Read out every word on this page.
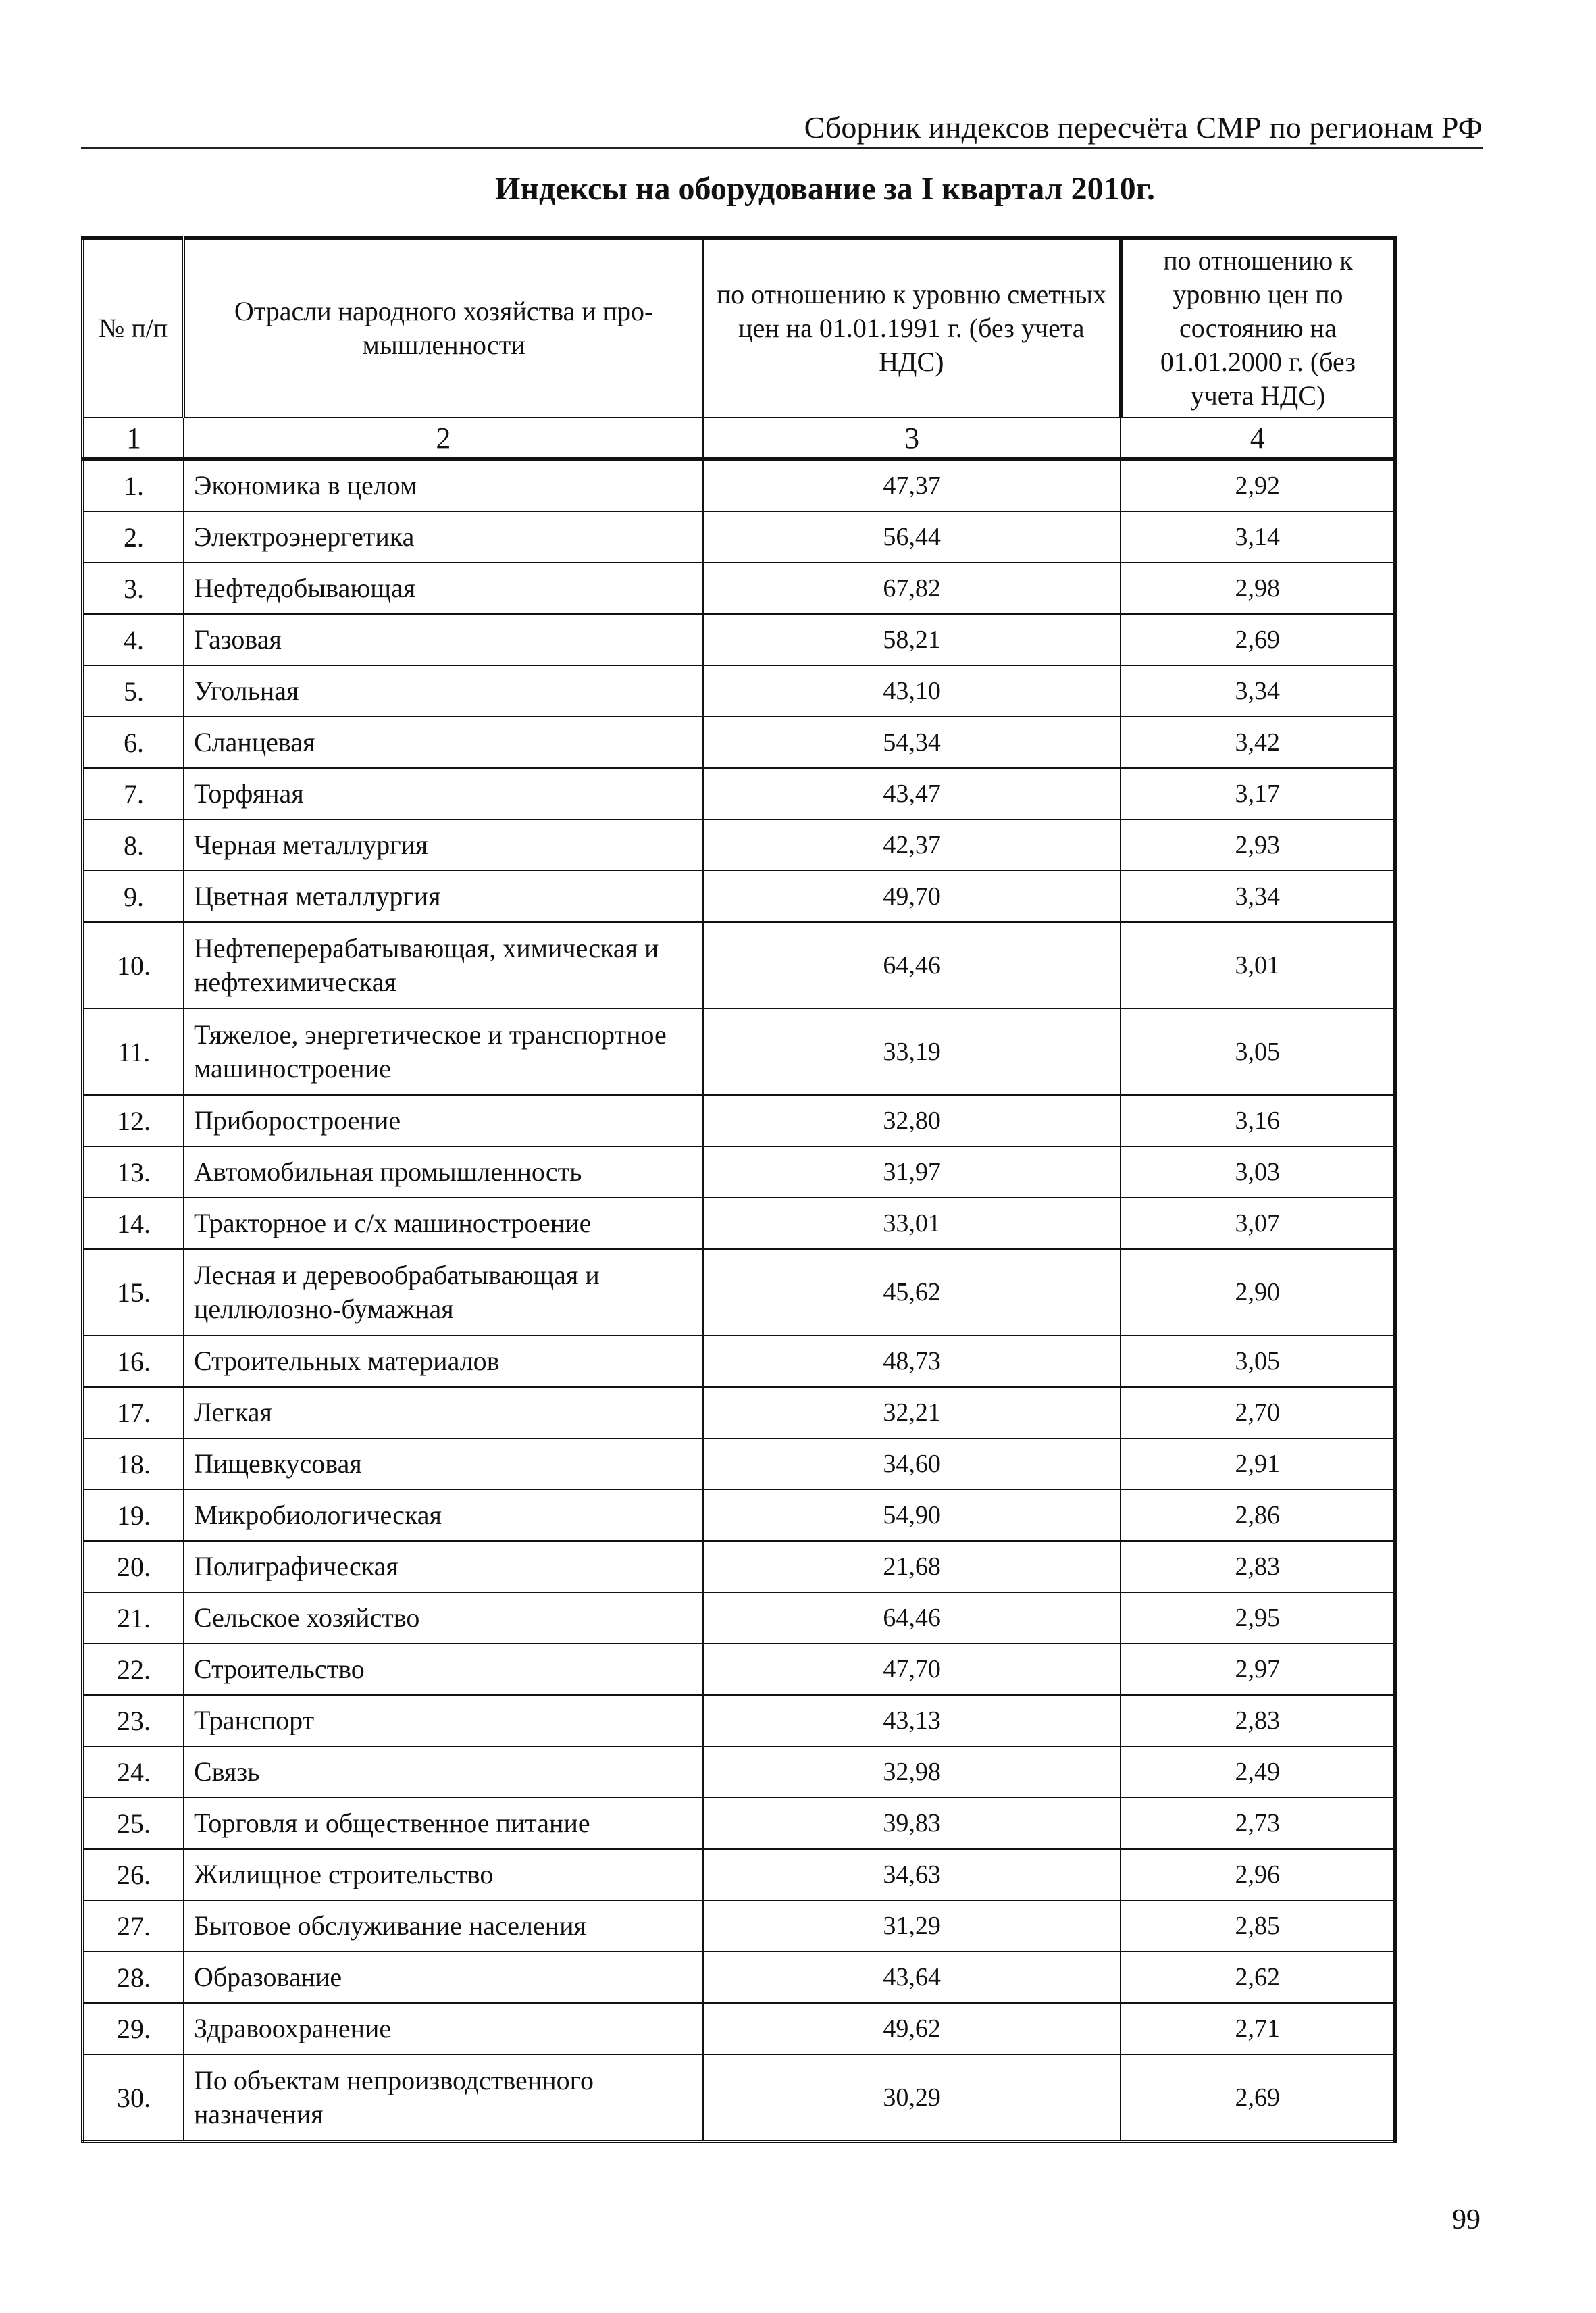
Сборник индексов пересчёта СМР по регионам РФ
Индексы на оборудование за I квартал 2010г.
№ п/п	Отрасли народного хозяйства и про-мышленности	по отношению к уровню сметных цен на 01.01.1991 г. (без учета НДС)	по отношению к уровню цен по состоянию на 01.01.2000 г. (без учета НДС)
1	2	3	4
1.	Экономика в целом	47,37	2,92
2.	Электроэнергетика	56,44	3,14
3.	Нефтедобывающая	67,82	2,98
4.	Газовая	58,21	2,69
5.	Угольная	43,10	3,34
6.	Сланцевая	54,34	3,42
7.	Торфяная	43,47	3,17
8.	Черная металлургия	42,37	2,93
9.	Цветная металлургия	49,70	3,34
10.	Нефтеперерабатывающая, химическая и нефтехимическая	64,46	3,01
11.	Тяжелое, энергетическое и транспортное машиностроение	33,19	3,05
12.	Приборостроение	32,80	3,16
13.	Автомобильная промышленность	31,97	3,03
14.	Тракторное и с/х машиностроение	33,01	3,07
15.	Лесная и деревообрабатывающая и целлюлозно-бумажная	45,62	2,90
16.	Строительных материалов	48,73	3,05
17.	Легкая	32,21	2,70
18.	Пищевкусовая	34,60	2,91
19.	Микробиологическая	54,90	2,86
20.	Полиграфическая	21,68	2,83
21.	Сельское хозяйство	64,46	2,95
22.	Строительство	47,70	2,97
23.	Транспорт	43,13	2,83
24.	Связь	32,98	2,49
25.	Торговля и общественное питание	39,83	2,73
26.	Жилищное строительство	34,63	2,96
27.	Бытовое обслуживание населения	31,29	2,85
28.	Образование	43,64	2,62
29.	Здравоохранение	49,62	2,71
30.	По объектам непроизводственного назначения	30,29	2,69
99
